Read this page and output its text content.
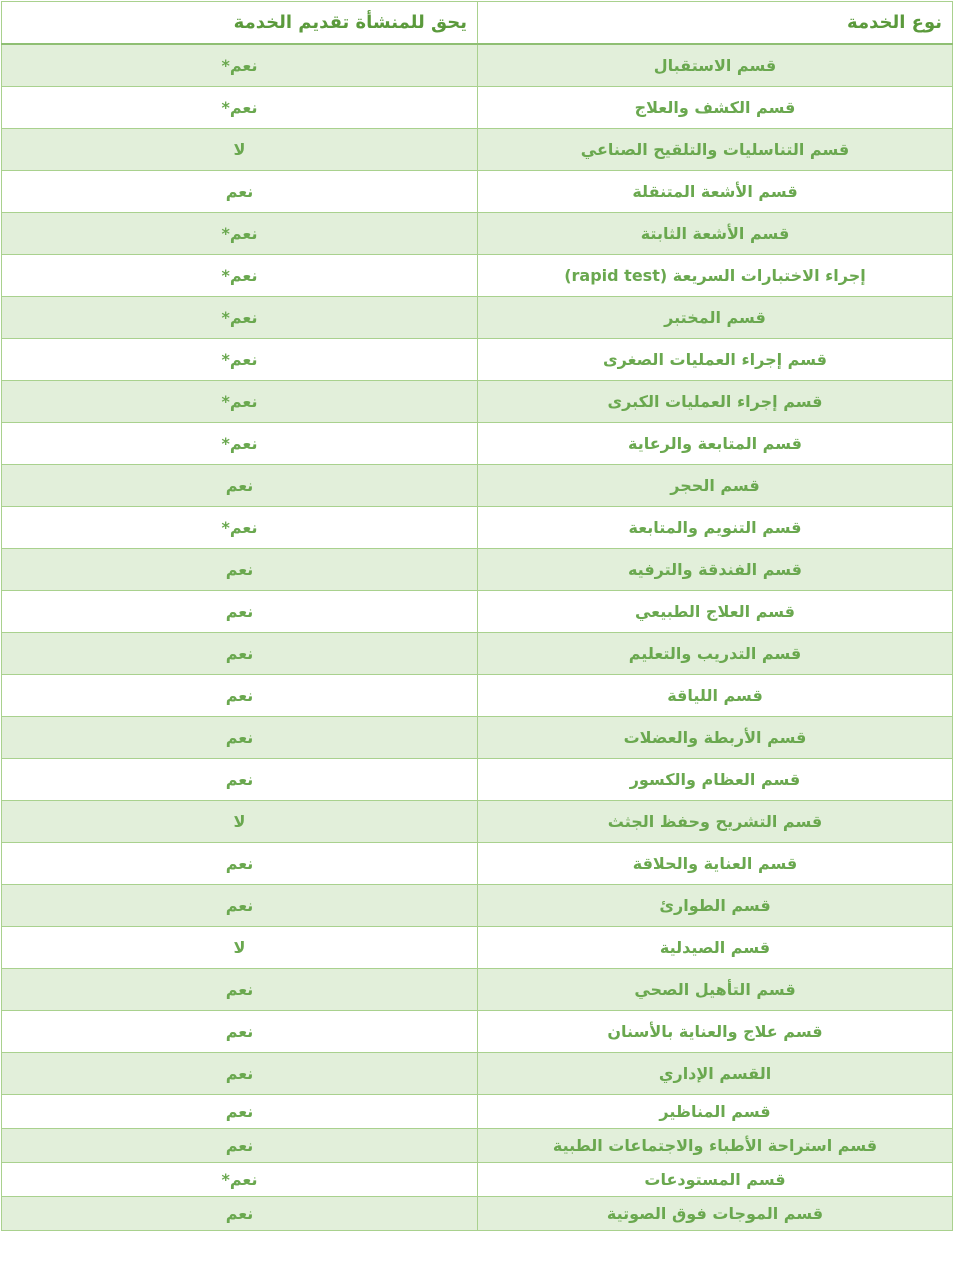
نوع الخدمة	يحق للمنشأة تقديم الخدمة
قسم الاستقبال	نعم*
قسم الكشف والعلاج	نعم*
قسم التناسليات والتلقيح الصناعي	لا
قسم الأشعة المتنقلة	نعم
قسم الأشعة الثابتة	نعم*
إجراء الاختبارات السريعة (rapid test)	نعم*
قسم المختبر	نعم*
قسم إجراء العمليات الصغرى	نعم*
قسم إجراء العمليات الكبرى	نعم*
قسم المتابعة والرعاية	نعم*
قسم الحجر	نعم
قسم التنويم والمتابعة	نعم*
قسم الفندقة والترفيه	نعم
قسم العلاج الطبيعي	نعم
قسم التدريب والتعليم	نعم
قسم اللياقة	نعم
قسم الأربطة والعضلات	نعم
قسم العظام والكسور	نعم
قسم التشريح وحفظ الجثث	لا
قسم العناية والحلاقة	نعم
قسم الطوارئ	نعم
قسم الصيدلية	لا
قسم التأهيل الصحي	نعم
قسم علاج والعناية بالأسنان	نعم
القسم الإداري	نعم
قسم المناظير	نعم
قسم استراحة الأطباء والاجتماعات الطبية	نعم
قسم المستودعات	نعم*
قسم الموجات فوق الصوتية	نعم
